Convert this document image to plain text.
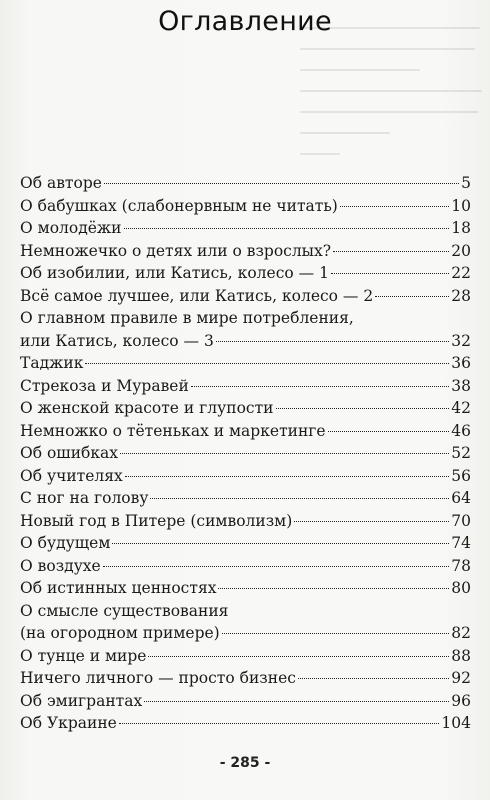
Оглавление
Об авторе	5
О бабушках (слабонервным не читать)	10
О молодёжи	18
Немножечко о детях или о взрослых?	20
Об изобилии, или Катись, колесо — 1	22
Всё самое лучшее, или Катись, колесо — 2	28
О главном правиле в мире потребления,
или Катись, колесо — 3	32
Таджик	36
Стрекоза и Муравей	38
О женской красоте и глупости	42
Немножко о тётеньках и маркетинге	46
Об ошибках	52
Об учителях	56
С ног на голову	64
Новый год в Питере (символизм)	70
О будущем	74
О воздухе	78
Об истинных ценностях	80
О смысле существования
(на огородном примере)	82
О тунце и мире	88
Ничего личного — просто бизнес	92
Об эмигрантах	96
Об Украине	104
- 285 -
